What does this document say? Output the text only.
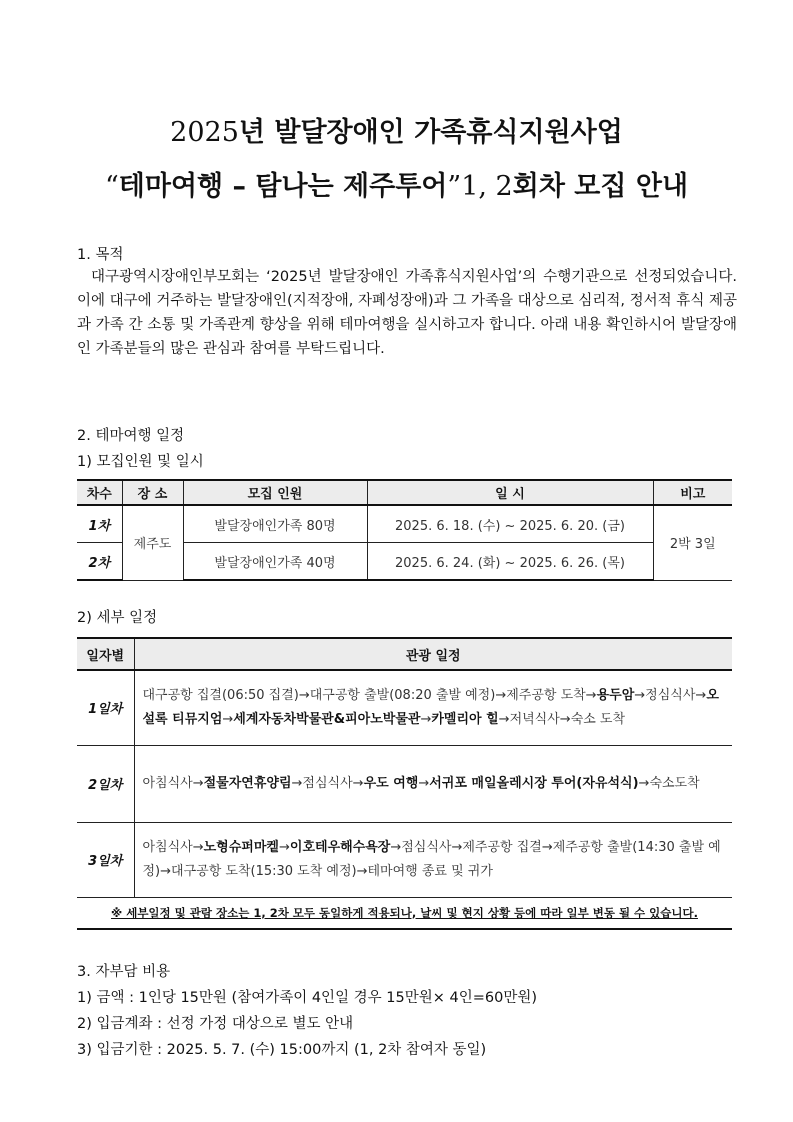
2025년 발달장애인 가족휴식지원사업
“테마여행 – 탐나는 제주투어”1, 2회차 모집 안내
1. 목적

대구광역시장애인부모회는 ‘2025년 발달장애인 가족휴식지원사업’의 수행기관으로 선정되었습니다. 이에 대구에 거주하는 발달장애인(지적장애, 자폐성장애)과 그 가족을 대상으로 심리적, 정서적 휴식 제공과 가족 간 소통 및 가족관계 향상을 위해 테마여행을 실시하고자 합니다. 아래 내용 확인하시어 발달장애인 가족분들의 많은 관심과 참여를 부탁드립니다.

2. 테마여행 일정
1) 모집인원 및 일시
차수	장 소	모집 인원	일 시	비고
1차	제주도	발달장애인가족 80명	2025. 6. 18. (수) ~ 2025. 6. 20. (금)	2박 3일
2차		발달장애인가족 40명	2025. 6. 24. (화) ~ 2025. 6. 26. (목)	
2) 세부 일정
일자별	관광 일정
1일차	대구공항 집결(06:50 집결)→대구공항 출발(08:20 출발 예정)→제주공항 도착→용두암→정심식사→오설록 티뮤지엄→세계자동차박물관&피아노박물관→카멜리아 힐→저녁식사→숙소 도착
2일차	아침식사→절물자연휴양림→점심식사→우도 여행→서귀포 매일올레시장 투어(자유석식)→숙소도착
3일차	아침식사→노형슈퍼마켙→이호테우해수욕장→점심식사→제주공항 집결→제주공항 출발(14:30 출발 예정)→대구공항 도착(15:30 도착 예정)→테마여행 종료 및 귀가
※ 세부일정 및 관람 장소는 1, 2차 모두 동일하게 적용되나, 날씨 및 현지 상황 등에 따라 일부 변동 될 수 있습니다.	
3. 자부담 비용
1) 금액 : 1인당 15만원 (참여가족이 4인일 경우 15만원× 4인=60만원)
2) 입금계좌 : 선정 가정 대상으로 별도 안내
3) 입금기한 : 2025. 5. 7. (수) 15:00까지 (1, 2차 참여자 동일)
